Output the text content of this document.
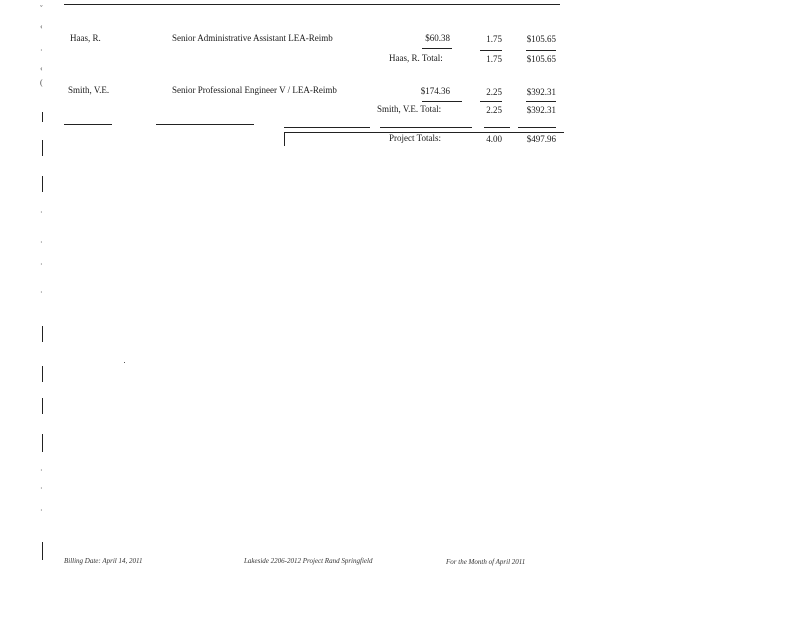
ˇ
‹
·
‹
(
·
·
·
·
·
·
·
Haas, R.	Senior Administrative Assistant LEA-Reimb	$60.38	1.75	$105.65
Haas, R. Total:	1.75	$105.65
Smith, V.E.	Senior Professional Engineer V / LEA-Reimb	$174.36	2.25	$392.31
Smith, V.E. Total:	2.25	$392.31
Project Totals:	4.00	$497.96
Billing Date: April 14, 2011	Lakeside 2206-2012 Project Rand Springfield	For the Month of April 2011
